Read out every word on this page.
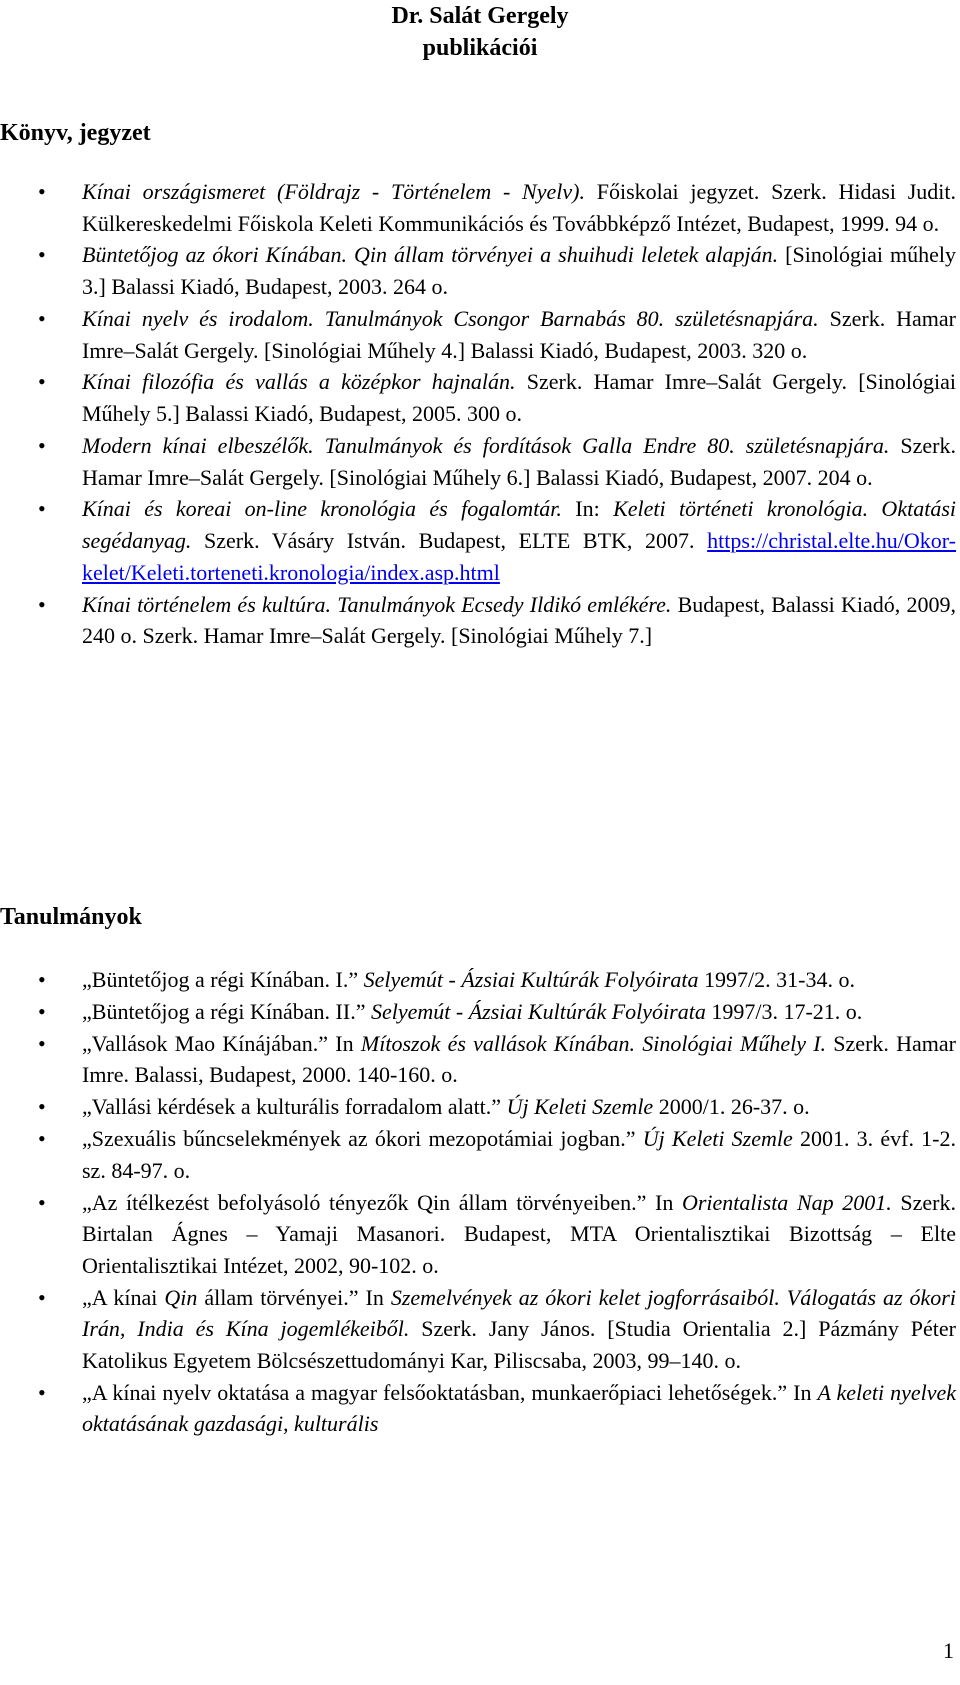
Dr. Salát Gergely
publikációi
Könyv, jegyzet
• Kínai országismeret (Földrajz - Történelem - Nyelv). Főiskolai jegyzet. Szerk. Hidasi Judit. Külkereskedelmi Főiskola Keleti Kommunikációs és Továbbképző Intézet, Budapest, 1999. 94 o.
• Büntetőjog az ókori Kínában. Qin állam törvényei a shuihudi leletek alapján. [Sinológiai műhely 3.] Balassi Kiadó, Budapest, 2003. 264 o.
• Kínai nyelv és irodalom. Tanulmányok Csongor Barnabás 80. születésnapjára. Szerk. Hamar Imre–Salát Gergely. [Sinológiai Műhely 4.] Balassi Kiadó, Budapest, 2003. 320 o.
• Kínai filozófia és vallás a középkor hajnalán. Szerk. Hamar Imre–Salát Gergely. [Sinológiai Műhely 5.] Balassi Kiadó, Budapest, 2005. 300 o.
• Modern kínai elbeszélők. Tanulmányok és fordítások Galla Endre 80. születésnapjára. Szerk. Hamar Imre–Salát Gergely. [Sinológiai Műhely 6.] Balassi Kiadó, Budapest, 2007. 204 o.
• Kínai és koreai on-line kronológia és fogalomtár. In: Keleti történeti kronológia. Oktatási segédanyag. Szerk. Vásáry István. Budapest, ELTE BTK, 2007. https://christal.elte.hu/Okor-kelet/Keleti.torteneti.kronologia/index.asp.html
• Kínai történelem és kultúra. Tanulmányok Ecsedy Ildikó emlékére. Budapest, Balassi Kiadó, 2009, 240 o. Szerk. Hamar Imre–Salát Gergely. [Sinológiai Műhely 7.]
Tanulmányok
• „Büntetőjog a régi Kínában. I.” Selyemút - Ázsiai Kultúrák Folyóirata 1997/2. 31-34. o.
• „Büntetőjog a régi Kínában. II.” Selyemút - Ázsiai Kultúrák Folyóirata 1997/3. 17-21. o.
• „Vallások Mao Kínájában.” In Mítoszok és vallások Kínában. Sinológiai Műhely I. Szerk. Hamar Imre. Balassi, Budapest, 2000. 140-160. o.
• „Vallási kérdések a kulturális forradalom alatt.” Új Keleti Szemle 2000/1. 26-37. o.
• „Szexuális bűncselekmények az ókori mezopotámiai jogban.” Új Keleti Szemle 2001. 3. évf. 1-2. sz. 84-97. o.
• „Az ítélkezést befolyásoló tényezők Qin állam törvényeiben.” In Orientalista Nap 2001. Szerk. Birtalan Ágnes – Yamaji Masanori. Budapest, MTA Orientalisztikai Bizottság – Elte Orientalisztikai Intézet, 2002, 90-102. o.
• „A kínai Qin állam törvényei.” In Szemelvények az ókori kelet jogforrásaiból. Válogatás az ókori Irán, India és Kína jogemlékeiből. Szerk. Jany János. [Studia Orientalia 2.] Pázmány Péter Katolikus Egyetem Bölcsészettudományi Kar, Piliscsaba, 2003, 99–140. o.
• „A kínai nyelv oktatása a magyar felsőoktatásban, munkaerőpiaci lehetőségek.” In A keleti nyelvek oktatásának gazdasági, kulturális
1
